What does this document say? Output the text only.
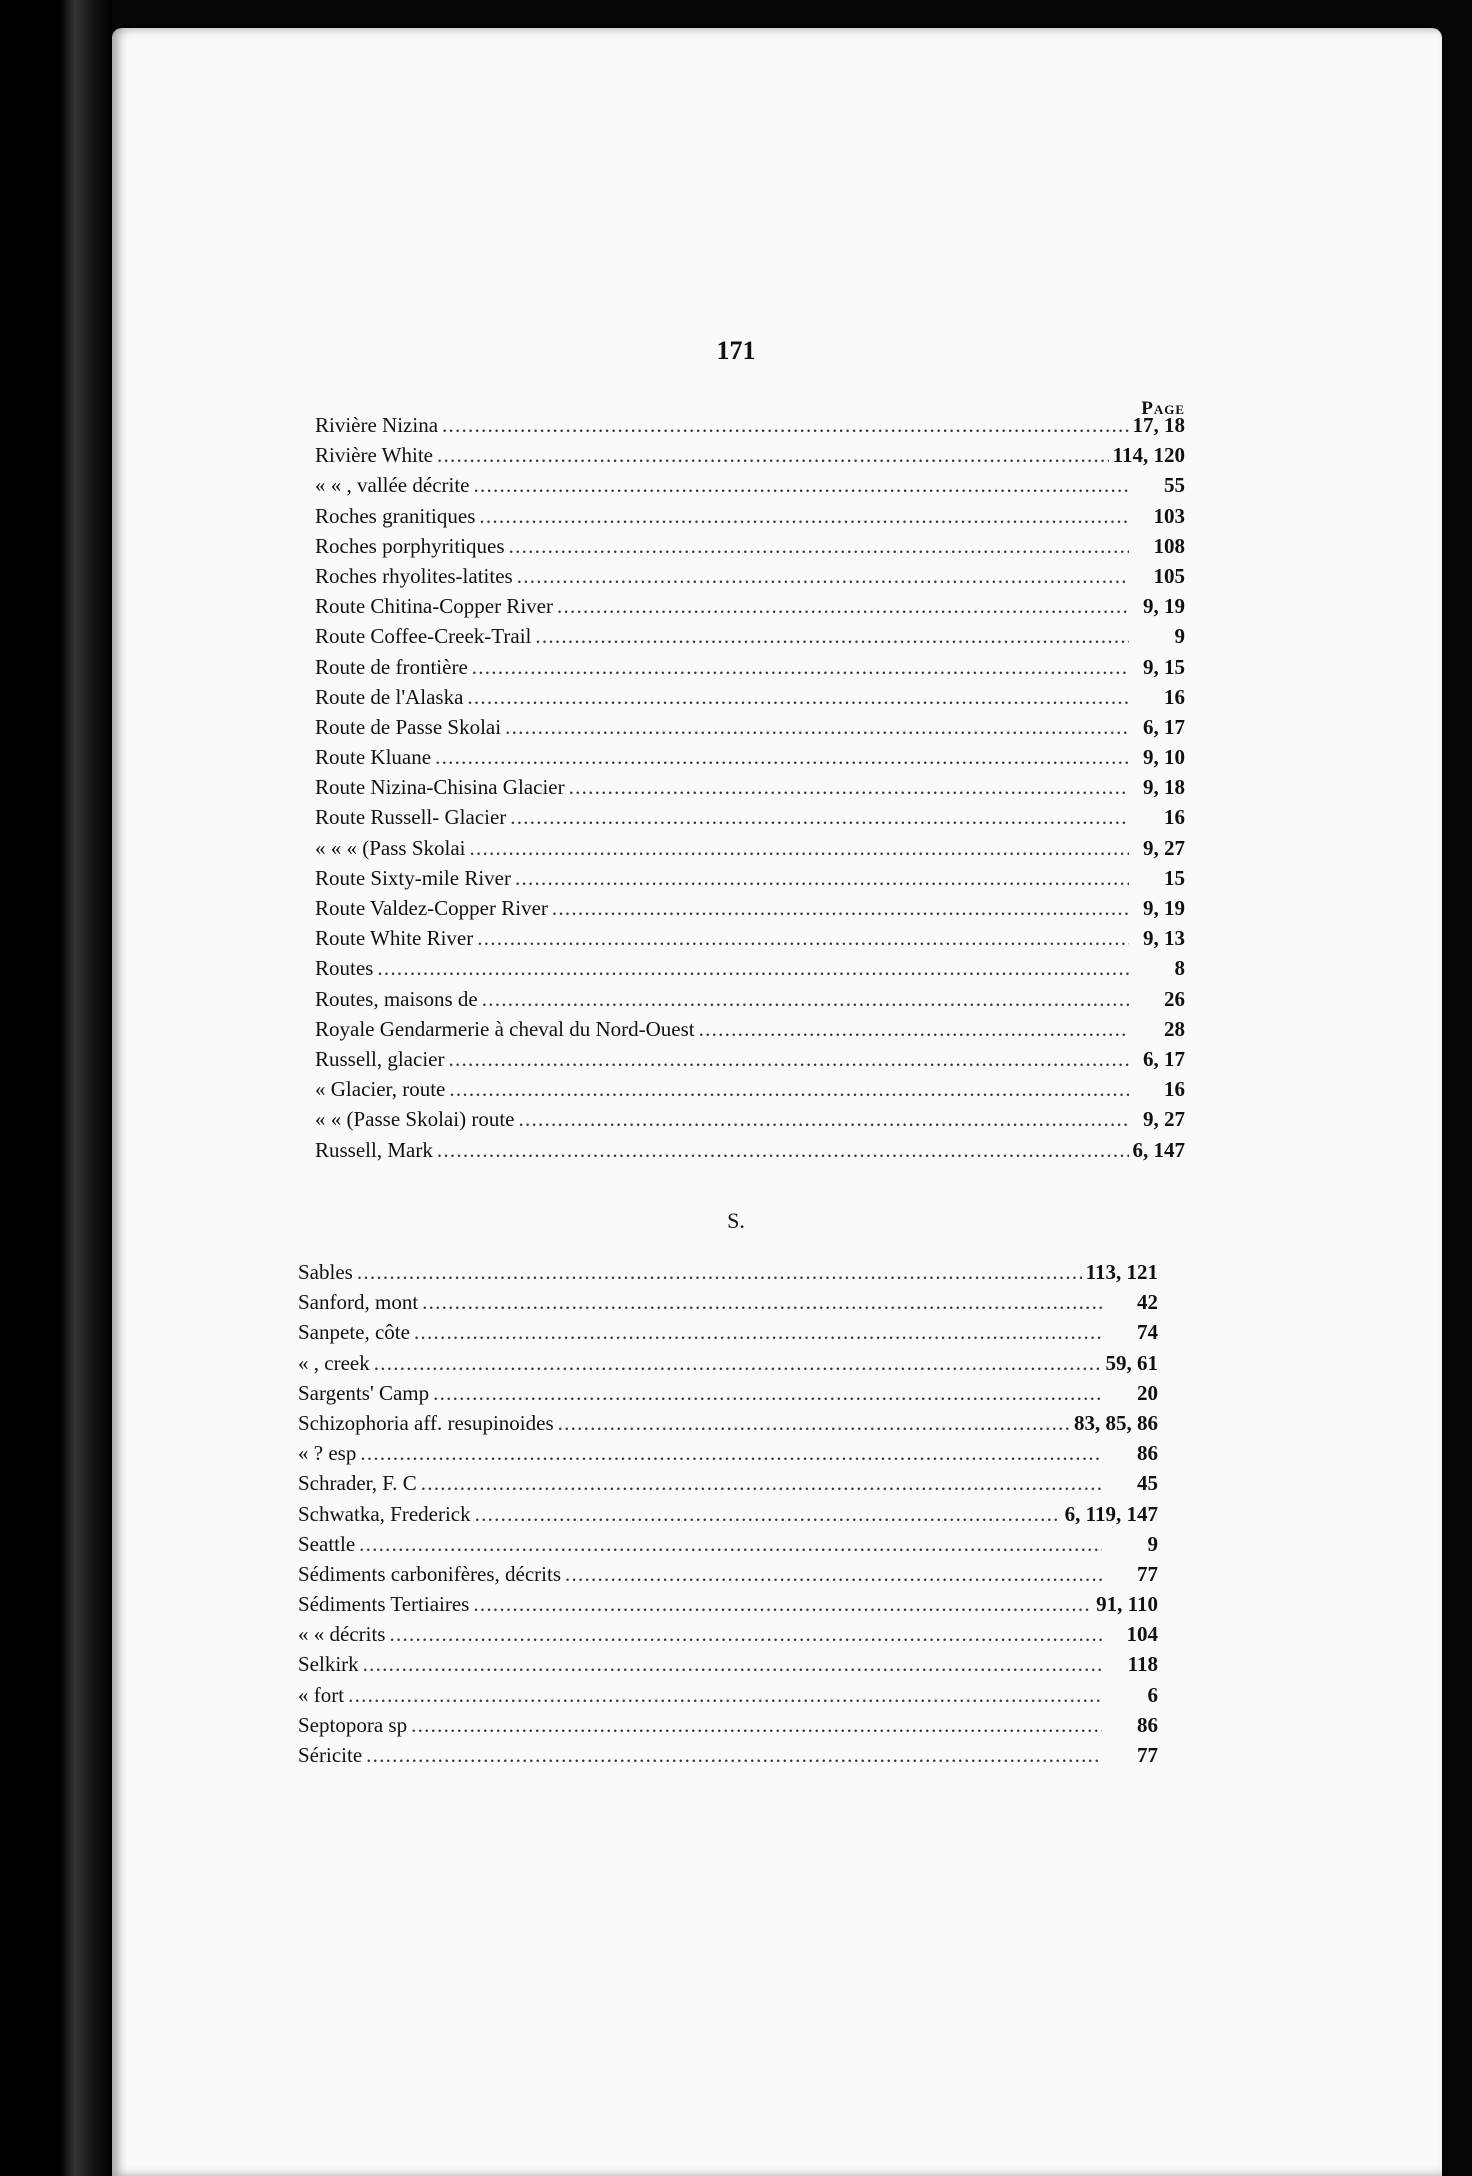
171
Page
Rivière Nizina . . .	17, 18
Rivière White . . .	114, 120
« « , vallée décrite . . .	55
Roches granitiques . . .	103
Roches porphyritiques . . .	108
Roches rhyolites-latites . . .	105
Route Chitina-Copper River . . .	9, 19
Route Coffee-Creek-Trail . . .	9
Route de frontière . . .	9, 15
Route de l'Alaska . . .	16
Route de Passe Skolai . . .	6, 17
Route Kluane . . .	9, 10
Route Nizina-Chisina Glacier . . .	9, 18
Route Russell- Glacier . . .	16
« « « (Pass Skolai . . .	9, 27
Route Sixty-mile River . . .	15
Route Valdez-Copper River . . .	9, 19
Route White River . . .	9, 13
Routes . . .	8
Routes, maisons de . . .	26
Royale Gendarmerie à cheval du Nord-Ouest . . .	28
Russell, glacier . . .	6, 17
« Glacier, route . . .	16
« « (Passe Skolai) route . . .	9, 27
Russell, Mark . . .	6, 147
S.
Sables . . .	113, 121
Sanford, mont . . .	42
Sanpete, côte . . .	74
« , creek . . .	59, 61
Sargents' Camp . . .	20
Schizophoria aff. resupinoides . . .	83, 85, 86
« ? esp . . .	86
Schrader, F. C . . .	45
Schwatka, Frederick . . .	6, 119, 147
Seattle . . .	9
Sédiments carbonifères, décrits . . .	77
Sédiments Tertiaires . . .	91, 110
« « décrits . . .	104
Selkirk . . .	118
« fort . . .	6
Septopora sp . . .	86
Séricite . . .	77
